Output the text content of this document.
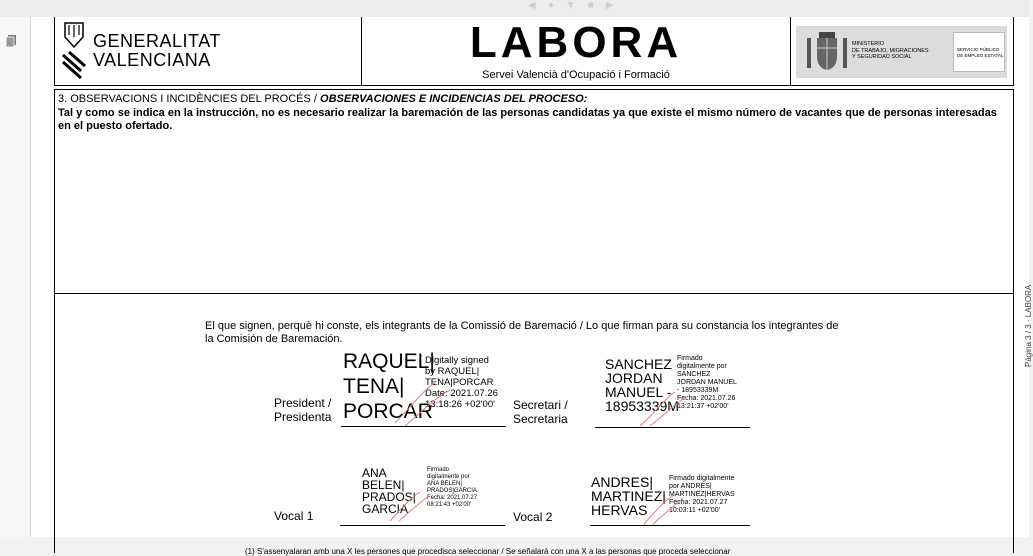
◀●▼■▶
GENERALITAT
VALENCIANA	LABORA
Servei Valencià d'Ocupació i Formació
MINISTERIO
DE TRABAJO, MIGRACIONES
Y SEGURIDAD SOCIAL
SERVICIO PÚBLICO
DE EMPLEO ESTATAL
3. OBSERVACIONS I INCIDÈNCIES DEL PROCÉS / OBSERVACIONES E INCIDENCIAS DEL PROCESO:
Tal y como se indica en la instrucción, no es necesario realizar la baremación de las personas candidatas ya que existe el mismo número de vacantes que de personas interesadas en el puesto ofertado.
El que signen, perquè hi conste, els integrants de la Comissió de Baremació / Lo que firman para su constancia los integrantes de la Comisión de Baremación.
President /
Presidenta
RAQUEL|
TENA|
PORCAR
Digitally signed
by RAQUEL|
TENA|PORCAR
Date: 2021.07.26
13:18:26 +02'00' Secretari /
Secretaria
SANCHEZ
JORDAN
MANUEL -
18953339M
Firmado
digitalmente por
SANCHEZ
JORDAN MANUEL
- 18953339M
Fecha: 2021.07.26
13:21:37 +02'00'
Vocal 1
ANA
BELEN|
PRADOS|
GARCIA
Firmado
digitalmente por
ANA BELEN|
PRADOS|GARCIA
Fecha: 2021.07.27
08:21:43 +02'00'
Vocal 2
ANDRES|
MARTINEZ|
HERVAS
Firmado digitalmente
por ANDRES|
MARTINEZ|HERVAS
Fecha: 2021.07.27
10:03:11 +02'00'
(1) S'assenyalaran amb una X les persones que procedisca seleccionar / Se señalará con una X a las personas que proceda seleccionar
Pàgina 3 / 3 · LABORA
